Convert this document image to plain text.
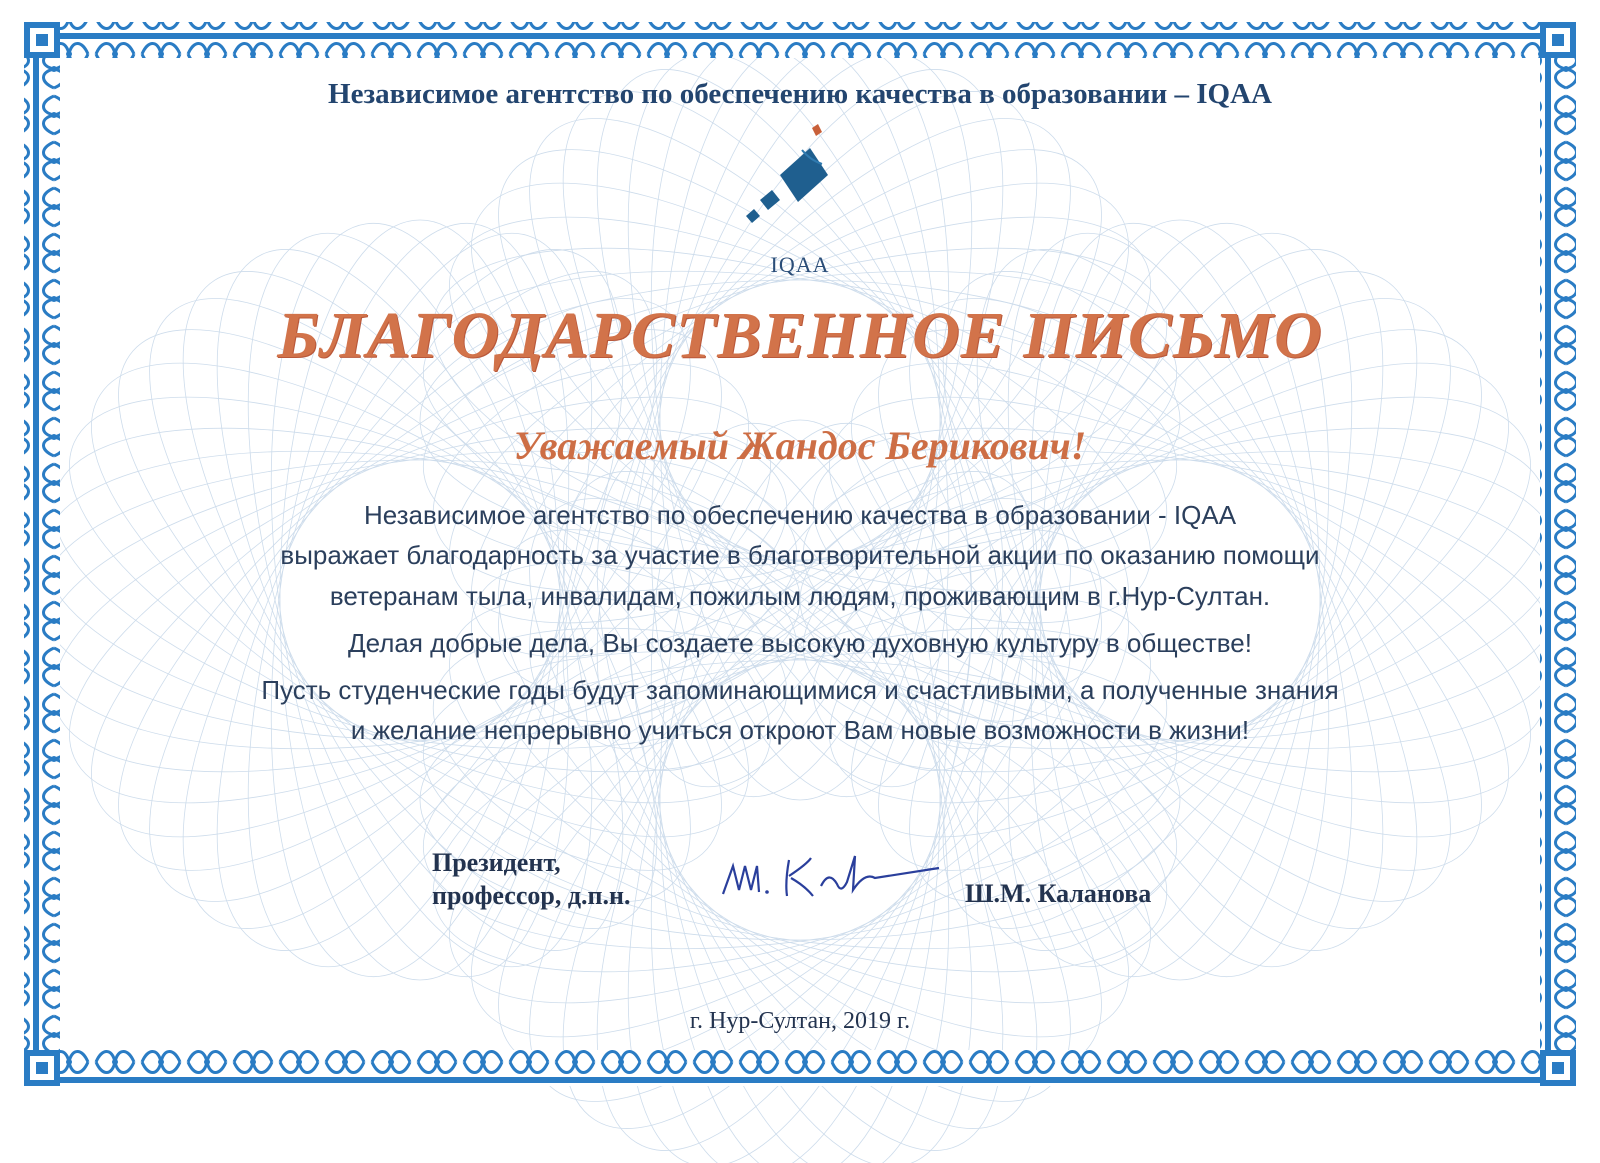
Независимое агентство по обеспечению качества в образовании – IQAA
IQAA
БЛАГОДАРСТВЕННОЕ ПИСЬМО
Уважаемый Жандос Берикович!
Независимое агентство по обеспечению качества в образовании - IQAA
выражает благодарность за участие в благотворительной акции по оказанию помощи
ветеранам тыла, инвалидам, пожилым людям, проживающим в г.Нур-Султан.
Делая добрые дела, Вы создаете высокую духовную культуру в обществе!
Пусть студенческие годы будут запоминающимися и счастливыми, а полученные знания
и желание непрерывно учиться откроют Вам новые возможности в жизни!
Президент,
профессор, д.п.н.	Ш.М. Каланова
г. Нур-Султан, 2019 г.
